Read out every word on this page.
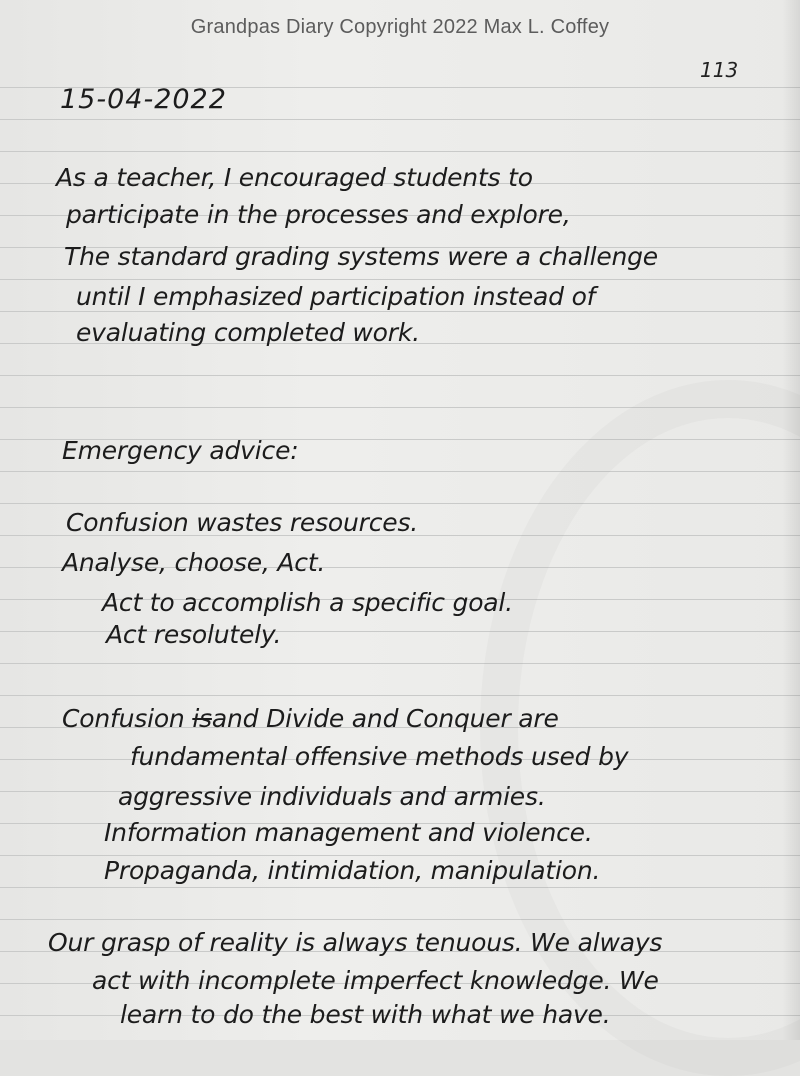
Grandpas Diary Copyright 2022 Max L. Coffey
113
15-04-2022
As a teacher, I encouraged students to
participate in the processes and explore,
The standard grading systems were a challenge
until I emphasized participation instead of
evaluating completed work.
Emergency advice:
Confusion wastes resources.
Analyse, choose, Act.
Act to accomplish a specific goal.
Act resolutely.
Confusion isand Divide and Conquer are
fundamental offensive methods used by
aggressive individuals and armies.
Information management and violence.
Propaganda, intimidation, manipulation.
Our grasp of reality is always tenuous. We always
act with incomplete imperfect knowledge. We
learn to do the best with what we have.
